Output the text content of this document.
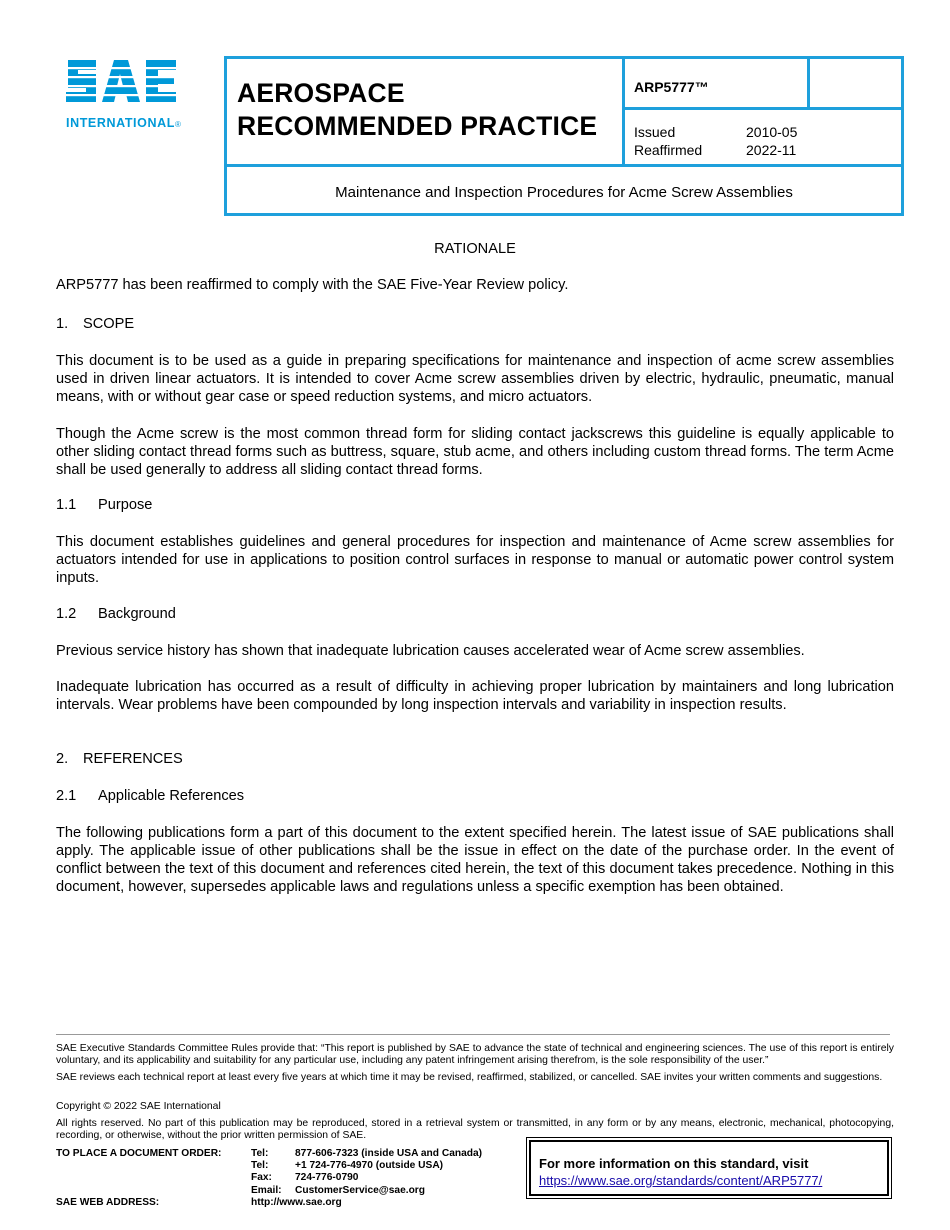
INTERNATIONAL®
AEROSPACE
RECOMMENDED PRACTICE
ARP5777™
Issued	2010-05
Reaffirmed	2022-11
Maintenance and Inspection Procedures for Acme Screw Assemblies
RATIONALE
ARP5777 has been reaffirmed to comply with the SAE Five-Year Review policy.
1. SCOPE
This document is to be used as a guide in preparing specifications for maintenance and inspection of acme screw assemblies used in driven linear actuators. It is intended to cover Acme screw assemblies driven by electric, hydraulic, pneumatic, manual means, with or without gear case or speed reduction systems, and micro actuators.
Though the Acme screw is the most common thread form for sliding contact jackscrews this guideline is equally applicable to other sliding contact thread forms such as buttress, square, stub acme, and others including custom thread forms. The term Acme shall be used generally to address all sliding contact thread forms.
1.1 Purpose
This document establishes guidelines and general procedures for inspection and maintenance of Acme screw assemblies for actuators intended for use in applications to position control surfaces in response to manual or automatic power control system inputs.
1.2 Background
Previous service history has shown that inadequate lubrication causes accelerated wear of Acme screw assemblies.
Inadequate lubrication has occurred as a result of difficulty in achieving proper lubrication by maintainers and long lubrication intervals. Wear problems have been compounded by long inspection intervals and variability in inspection results.
2. REFERENCES
2.1 Applicable References
The following publications form a part of this document to the extent specified herein. The latest issue of SAE publications shall apply. The applicable issue of other publications shall be the issue in effect on the date of the purchase order. In the event of conflict between the text of this document and references cited herein, the text of this document takes precedence. Nothing in this document, however, supersedes applicable laws and regulations unless a specific exemption has been obtained.
SAE Executive Standards Committee Rules provide that: “This report is published by SAE to advance the state of technical and engineering sciences. The use of this report is entirely voluntary, and its applicability and suitability for any particular use, including any patent infringement arising therefrom, is the sole responsibility of the user.”
SAE reviews each technical report at least every five years at which time it may be revised, reaffirmed, stabilized, or cancelled. SAE invites your written comments and suggestions.
Copyright © 2022 SAE International
All rights reserved. No part of this publication may be reproduced, stored in a retrieval system or transmitted, in any form or by any means, electronic, mechanical, photocopying, recording, or otherwise, without the prior written permission of SAE.
TO PLACE A DOCUMENT ORDER:	Tel:	877-606-7323 (inside USA and Canada)
Tel:	+1 724-776-4970 (outside USA)
Fax: 724-776-0790
Email: CustomerService@sae.org
SAE WEB ADDRESS:	http://www.sae.org
For more information on this standard, visit
https://www.sae.org/standards/content/ARP5777/
